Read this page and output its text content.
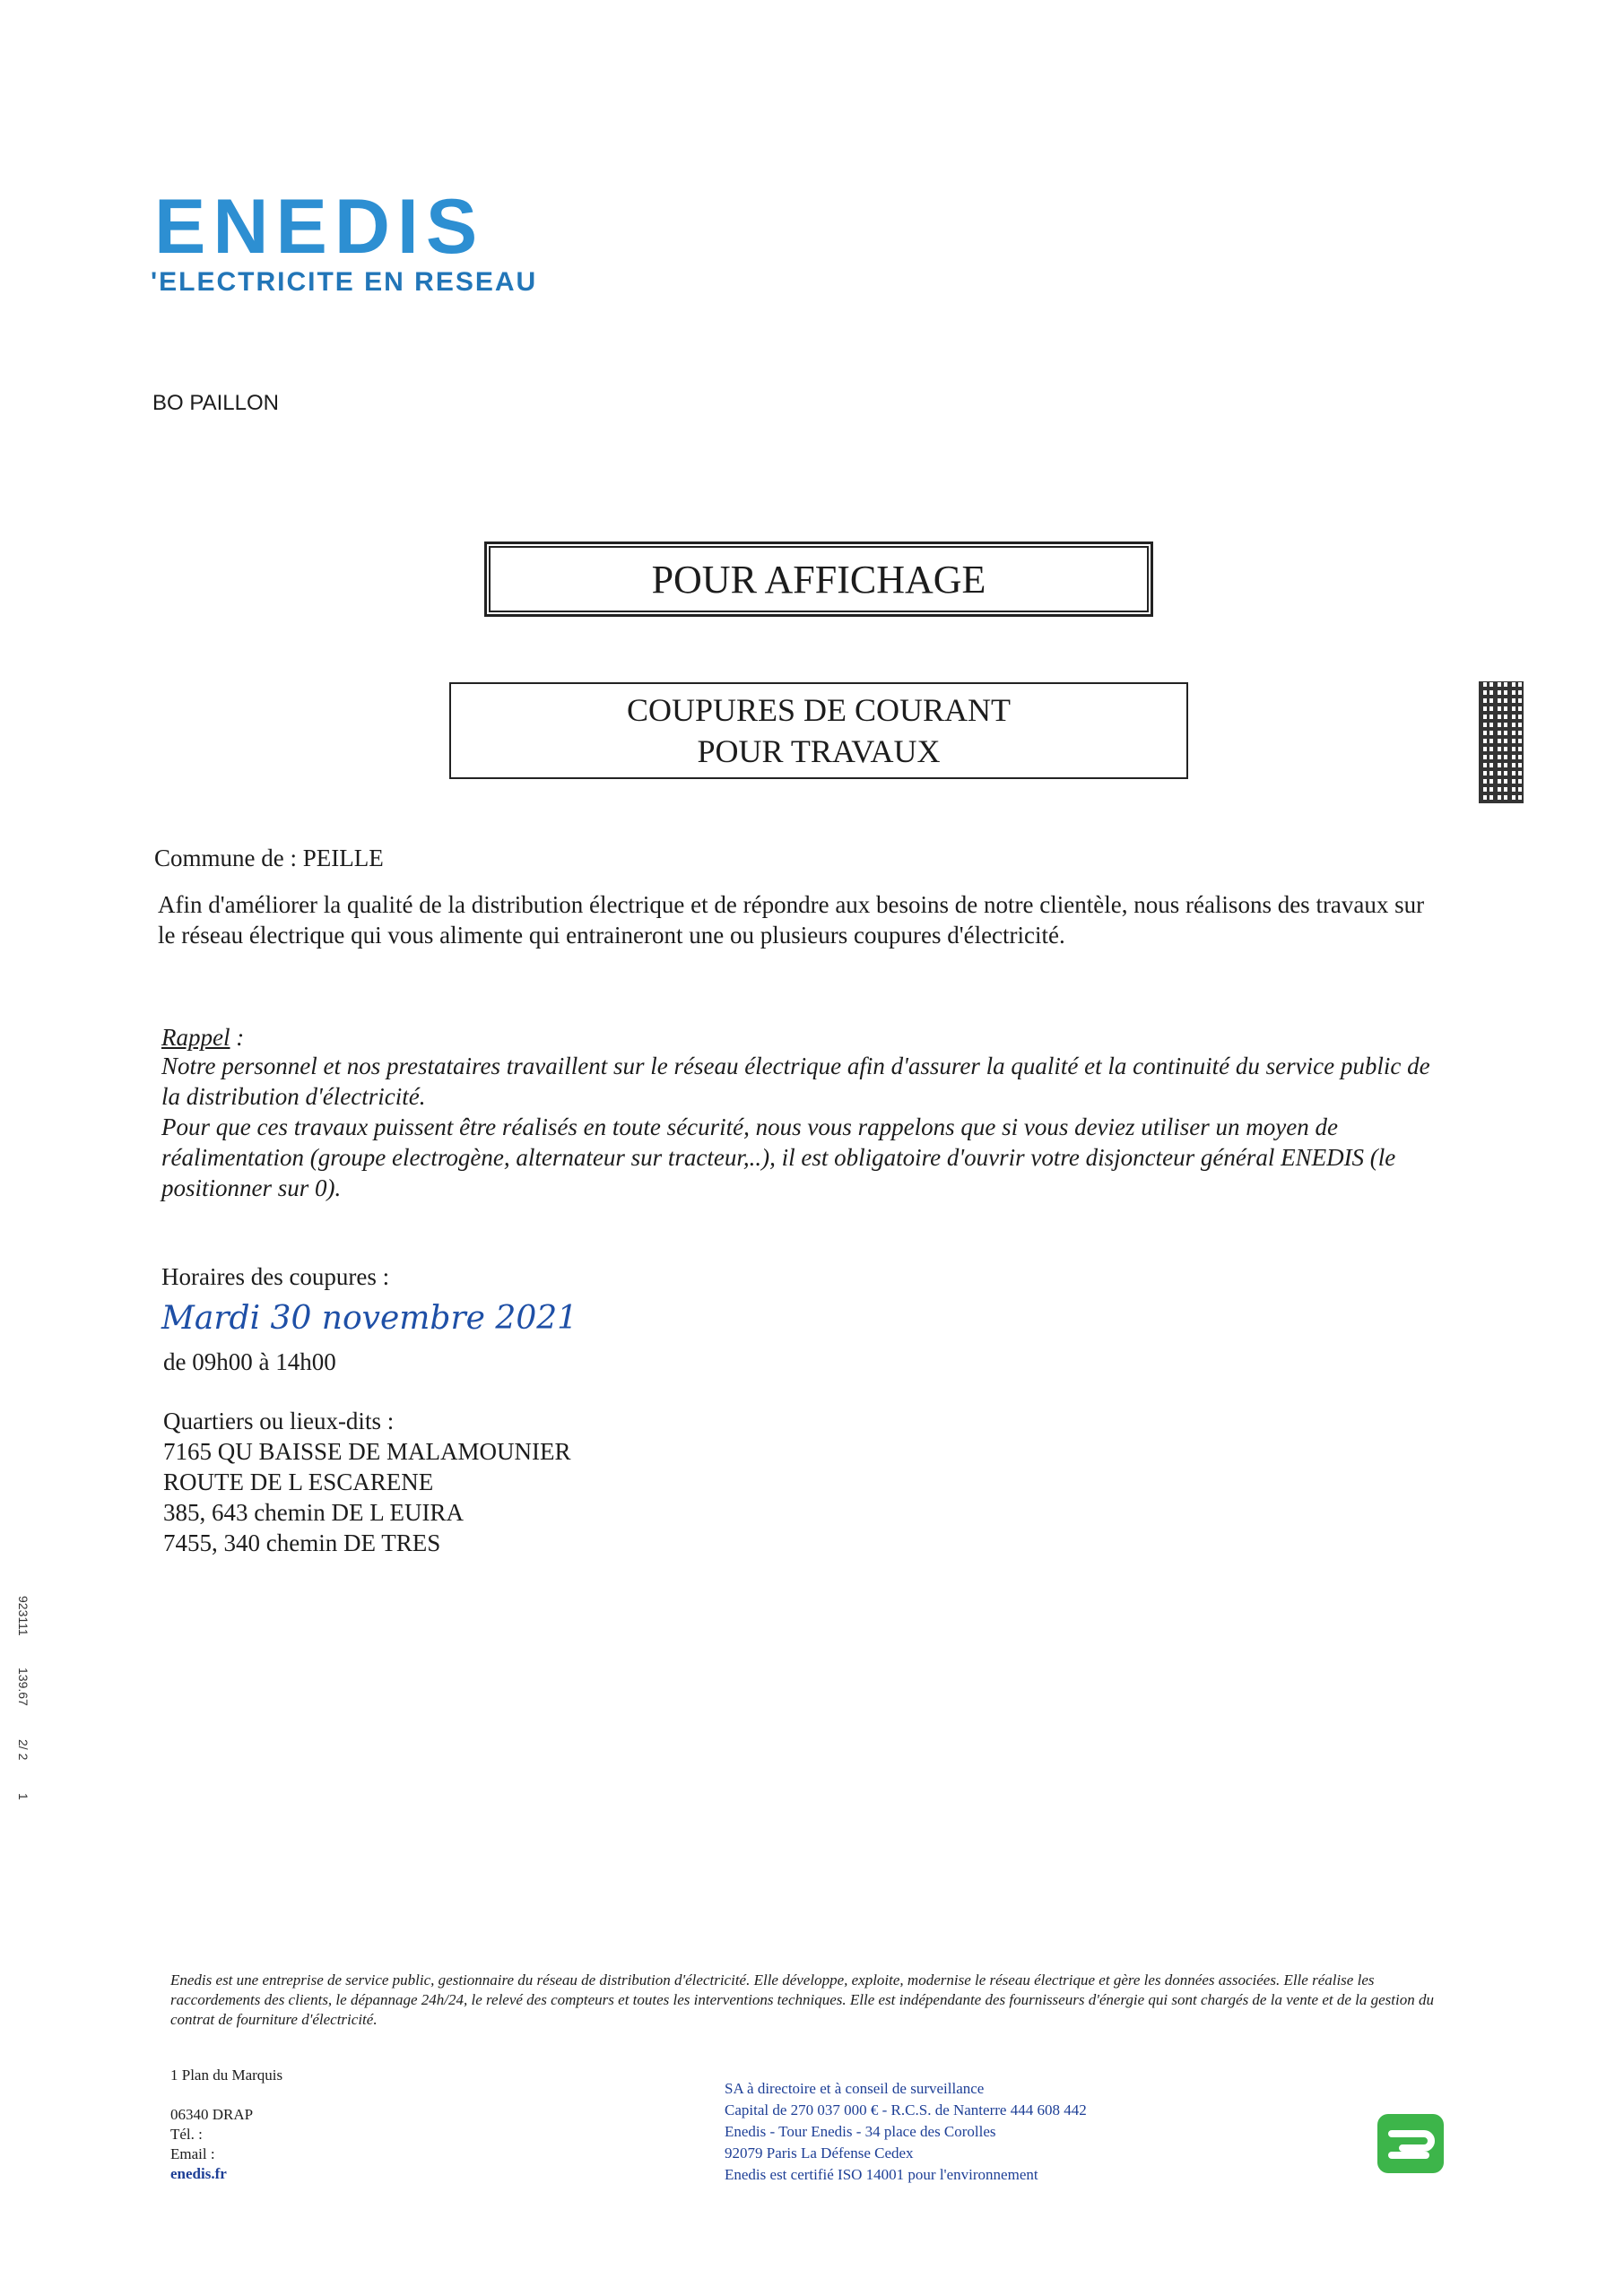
ENEDIS
'ELECTRICITE EN RESEAU
BO PAILLON
POUR AFFICHAGE
COUPURES DE COURANT
POUR TRAVAUX
Commune de : PEILLE
Afin d'améliorer la qualité de la distribution électrique et de répondre aux besoins de notre clientèle, nous réalisons des travaux sur le réseau électrique qui vous alimente qui entraineront une ou plusieurs coupures d'électricité.
Rappel :

Notre personnel et nos prestataires travaillent sur le réseau électrique afin d'assurer la qualité et la continuité du service public de la distribution d'électricité.

Pour que ces travaux puissent être réalisés en toute sécurité, nous vous rappelons que si vous deviez utiliser un moyen de réalimentation (groupe electrogène, alternateur sur tracteur,..), il est obligatoire d'ouvrir votre disjoncteur général ENEDIS (le positionner sur 0).

Horaires des coupures :
Mardi 30 novembre 2021
de 09h00 à 14h00
Quartiers ou lieux-dits :
7165 QU BAISSE DE MALAMOUNIER
ROUTE DE L ESCARENE
385, 643 chemin DE L EUIRA
7455, 340 chemin DE TRES
923111
139.67
2/ 2
1
Enedis est une entreprise de service public, gestionnaire du réseau de distribution d'électricité. Elle développe, exploite, modernise le réseau électrique et gère les données associées. Elle réalise les raccordements des clients, le dépannage 24h/24, le relevé des compteurs et toutes les interventions techniques. Elle est indépendante des fournisseurs d'énergie qui sont chargés de la vente et de la gestion du contrat de fourniture d'électricité.
1 Plan du Marquis
06340 DRAP
Tél. :
Email :
enedis.fr
SA à directoire et à conseil de surveillance
Capital de 270 037 000 € - R.C.S. de Nanterre 444 608 442
Enedis - Tour Enedis - 34 place des Corolles
92079 Paris La Défense Cedex
Enedis est certifié ISO 14001 pour l'environnement
